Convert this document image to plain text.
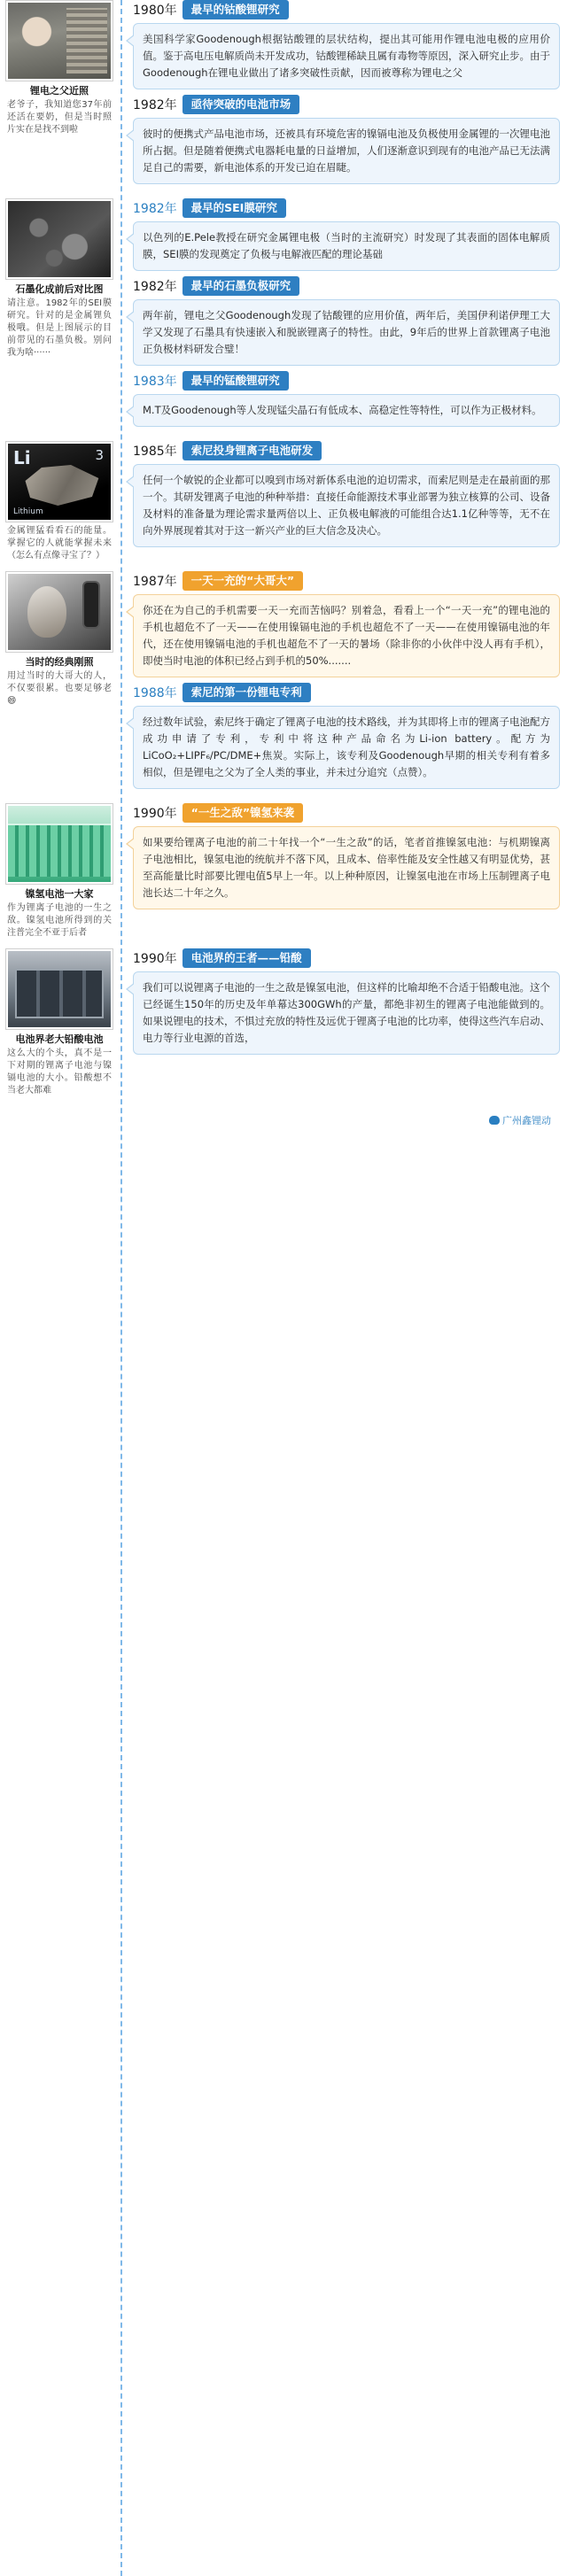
锂电之父近照
老爷子，我知道您37年前还活在要奶，但是当时照片实在是找不到啦
1980年	最早的钴酸锂研究
美国科学家Goodenough根据钴酸锂的层状结构，提出其可能用作锂电池电极的应用价值。鉴于高电压电解质尚未开发成功，钴酸锂稀缺且属有毒物等原因，深入研究止步。由于Goodenough在锂电业做出了诸多突破性贡献，因而被尊称为锂电之父
1982年	亟待突破的电池市场
彼时的便携式产品电池市场，还被具有环境危害的镍镉电池及负极使用金属锂的一次锂电池所占据。但是随着便携式电器耗电量的日益增加，人们逐渐意识到现有的电池产品已无法满足自己的需要，新电池体系的开发已迫在眉睫。
石墨化成前后对比图
请注意。1982年的SEI膜研究。针对的是金属锂负极哦。但是上图展示的目前带见的石墨负极。别问我为啥······
1982年	最早的SEI膜研究
以色列的E.Pele教授在研究金属锂电极（当时的主流研究）时发现了其表面的固体电解质膜，SEI膜的发现奠定了负极与电解液匹配的理论基础
1982年	最早的石墨负极研究
两年前，锂电之父Goodenough发现了钴酸锂的应用价值，两年后，美国伊利诺伊理工大学又发现了石墨具有快速嵌入和脱嵌锂离子的特性。由此，9年后的世界上首款锂离子电池正负极材料研发合璧！
1983年	最早的锰酸锂研究
M.T及Goodenough等人发现锰尖晶石有低成本、高稳定性等特性，可以作为正极材料。
Li	3
Lithium
金属锂猛看看石的能量。掌握它的人就能掌握未来（怎么有点像寻宝了？）
1985年	索尼投身锂离子电池研发
任何一个敏锐的企业都可以嗅到市场对新体系电池的迫切需求，而索尼则是走在最前面的那一个。其研发锂离子电池的种种举措：直接任命能源技术事业部署为独立核算的公司、设备及材料的准备量为理论需求量两倍以上、正负极电解液的可能组合达1.1亿种等等，无不在向外界展现着其对于这一新兴产业的巨大信念及决心。
当时的经典刚照
用过当时的大哥大的人，不仅要很累。也要足够老 😄
1987年	一天一充的“大哥大”
你还在为自己的手机需要一天一充而苦恼吗？别着急，看看上一个“一天一充”的锂电池的手机也超危不了一天——在使用镍镉电池的手机也超危不了一天——在使用镍镉电池的年代，还在使用镍镉电池的手机也超危不了一天的暑场（除非你的小伙伴中没人再有手机），即使当时电池的体积已经占到手机的50%.......
1988年	索尼的第一份锂电专利
经过数年试验，索尼终于确定了锂离子电池的技术路线，并为其即将上市的锂离子电池配方成功申请了专利，专利中将这种产品命名为Li-ion battery。配方为LiCoO₂+LIPF₆/PC/DME+焦炭。实际上，该专利及Goodenough早期的相关专利有着多相似，但是锂电之父为了全人类的事业，并未过分追究（点赞）。
镍氢电池一大家
作为锂离子电池的一生之敌。镍氢电池所得到的关注普完全不亚于后者
1990年	“一生之敌”镍氢来袭
如果要给锂离子电池的前二十年找一个“一生之敌”的话，笔者首推镍氢电池：与机期镍离子电池相比，镍氢电池的统航并不落下风，且成本、倍率性能及安全性越又有明显优势，甚至高能量比时部要比锂电值5早上一年。以上种种原因，让镍氢电池在市场上压制锂离子电池长达二十年之久。
电池界老大铅酸电池
这么大的个头，真不是一下对期的锂离子电池与镍镉电池的大小。铅酸想不当老大都难
1990年	电池界的王者——铅酸
我们可以说锂离子电池的一生之敌是镍氢电池，但这样的比喻却绝不合适于铅酸电池。这个已经诞生150年的历史及年单幕达300GWh的产量，都绝非初生的锂离子电池能做到的。如果说锂电的技术，不惧过充放的特性及远优于锂离子电池的比功率，使得这些汽车启动、电力等行业电源的首选，
广州鑫锂动
